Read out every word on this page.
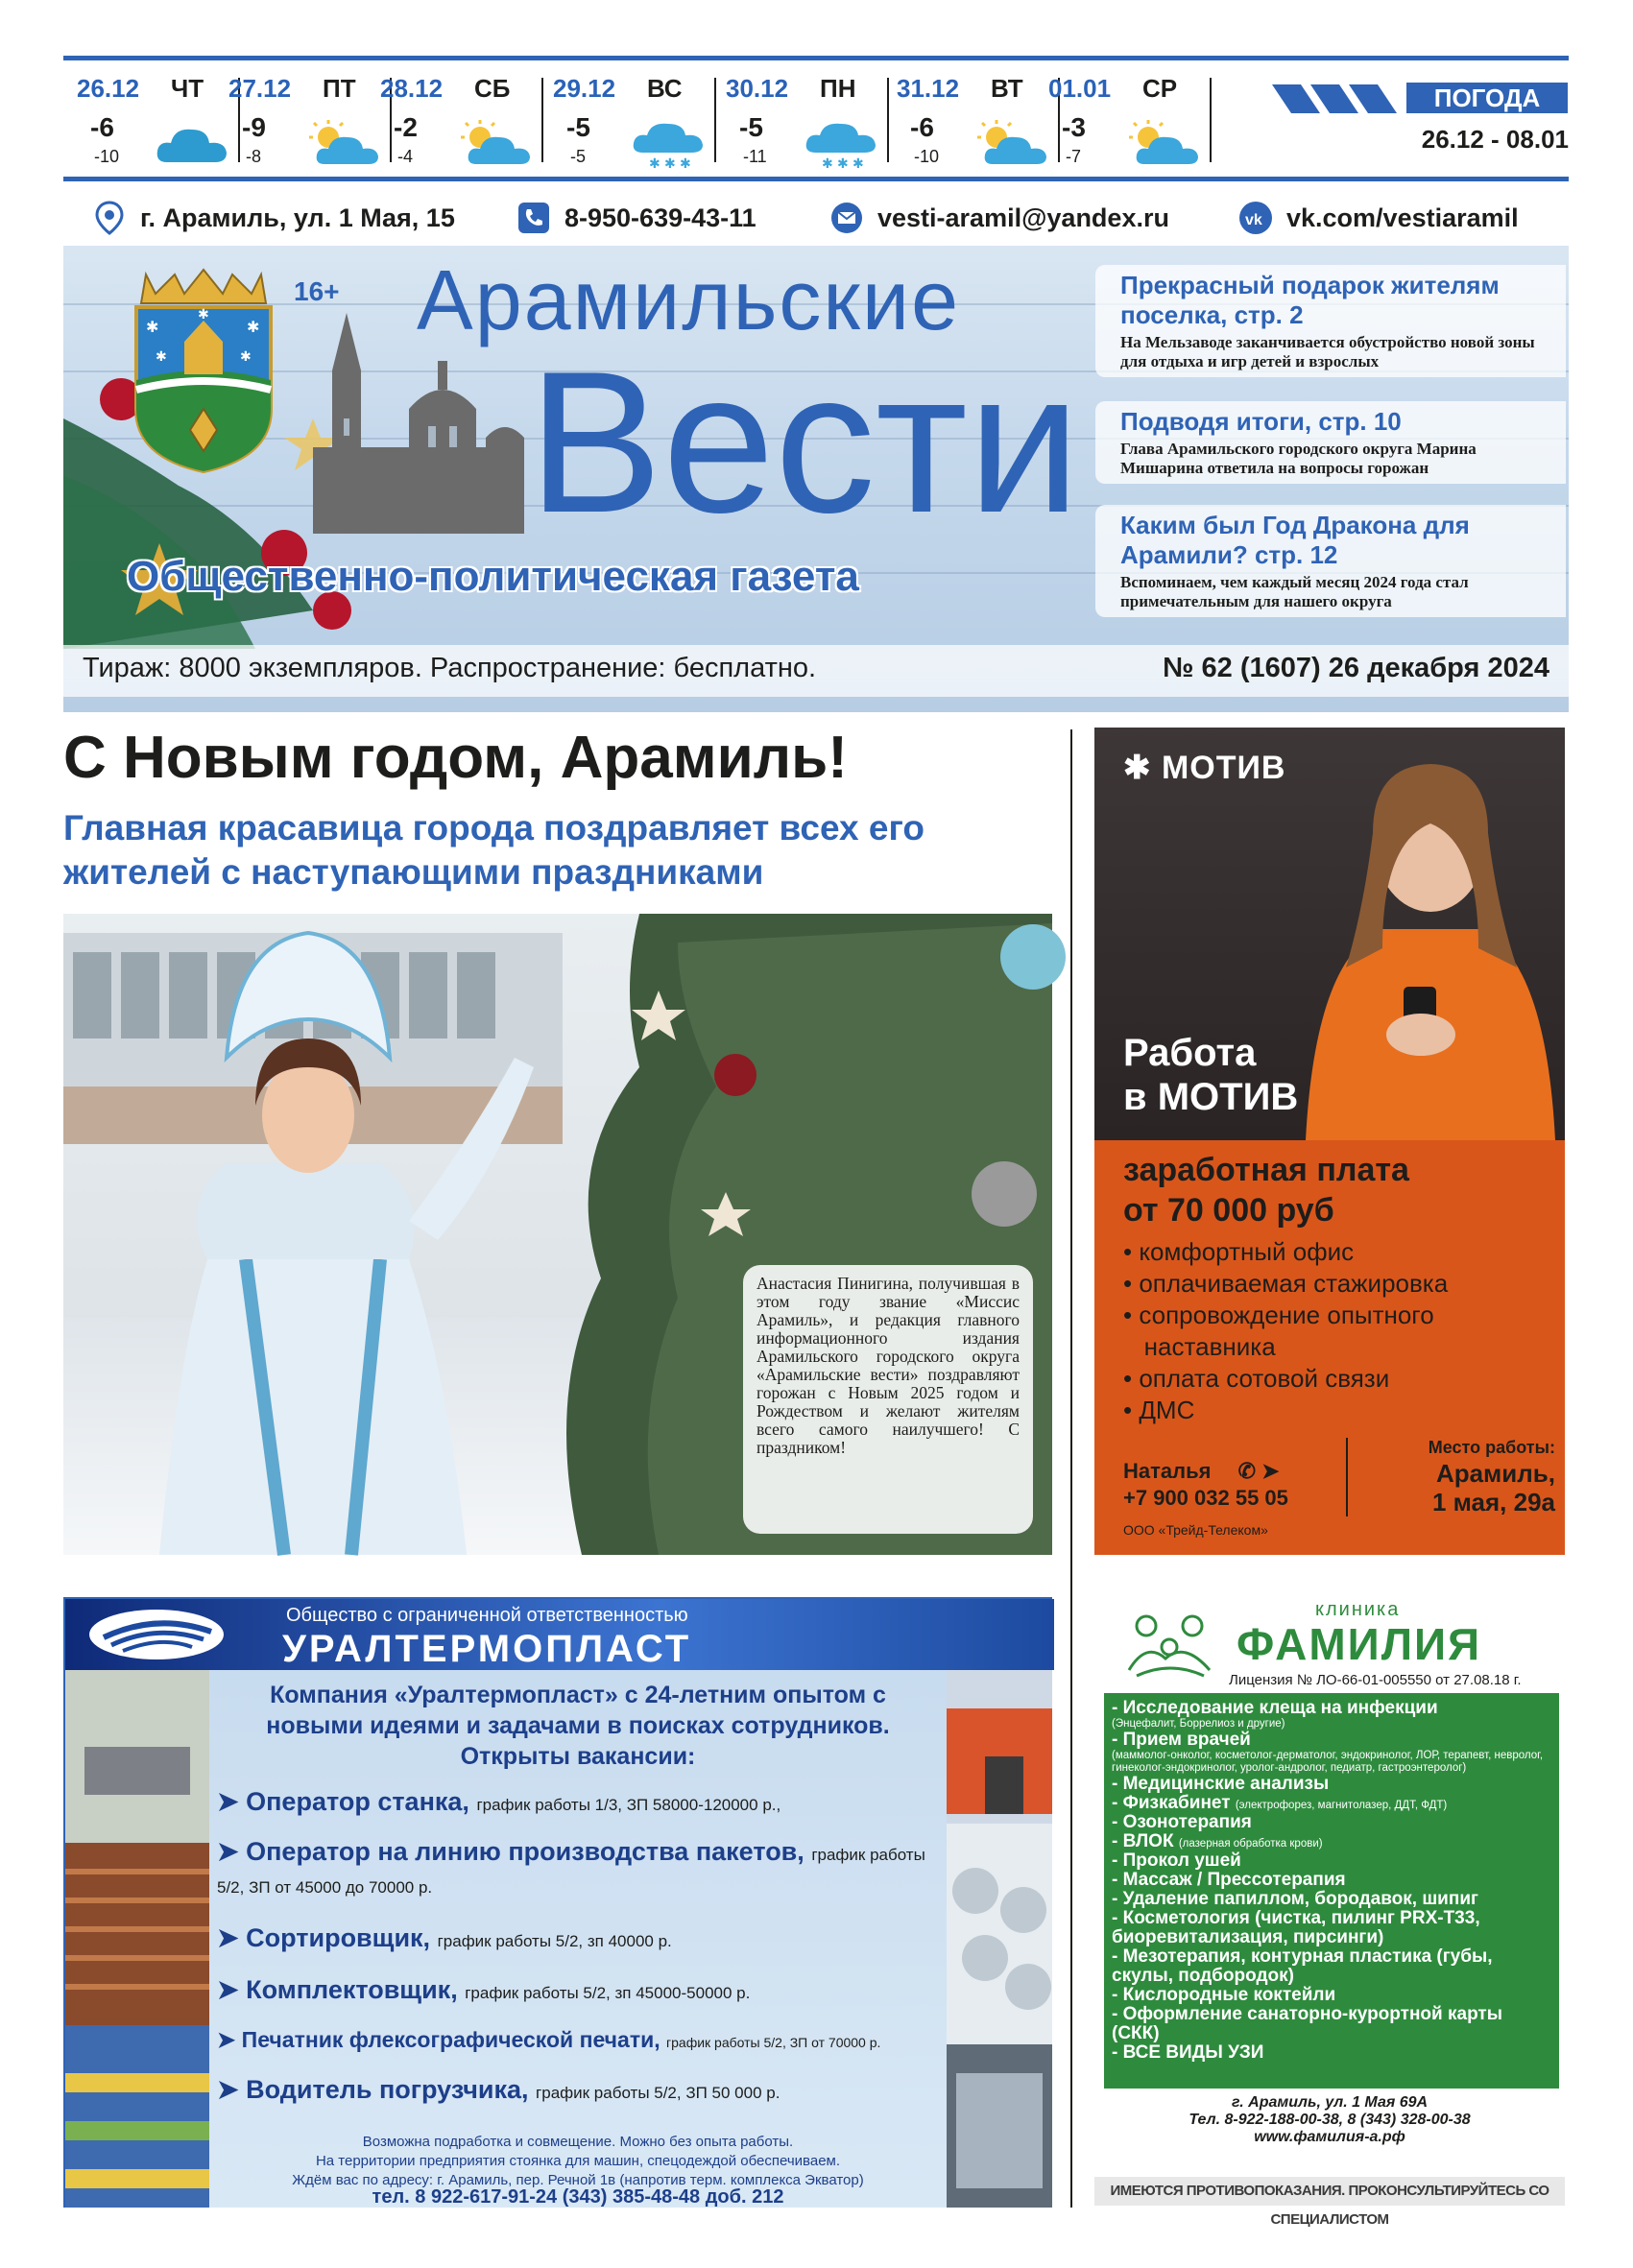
26.12 ЧТ
-6
-10
27.12 ПТ
-9
-8
28.12 СБ
-2
-4
29.12 ВС
-5
-5	✱ ✱ ✱
30.12 ПН
-5
-11	✱ ✱ ✱
31.12 ВТ
-6
-10
01.01 СР
-3
-7
ПОГОДА
26.12 - 08.01
г. Арамиль, ул. 1 Мая, 15	8-950-639-43-11	vesti-aramil@yandex.ru	vk vk.com/vestiaramil
✱	✱
✱	✱
✱
16+ Арамильские
Вести
Общественно-политическая газета
Прекрасный подарок жителям поселка, стр. 2
На Мельзаводе заканчивается обустройство новой зоны для отдыха и игр детей и взрослых
Подводя итоги, стр. 10
Глава Арамильского городского округа Марина Мишарина ответила на вопросы горожан
Каким был Год Дракона для Арамили? стр. 12
Вспоминаем, чем каждый месяц 2024 года стал примечательным для нашего округа
Тираж: 8000 экземпляров. Распространение: бесплатно.	№ 62 (1607) 26 декабря 2024
С Новым годом, Арамиль!
Главная красавица города поздравляет всех его жителей с наступающими праздниками
Анастасия Пинигина, получившая в этом году звание «Миссис Арамиль», и редакция главного информационного издания Арамильского городского округа «Арамильские вести» поздравляют горожан с Новым 2025 годом и Рождеством и желают жителям всего самого наилучшего! С праздником!
✱ МОТИВ
Работа
в МОТИВ
заработная плата
от 70 000 руб
• комфортный офис
• оплачиваемая стажировка
• сопровождение опытного
наставника
• оплата сотовой связи
• ДМС
Наталья ✆ ➤
+7 900 032 55 05
Место работы:
Арамиль,
1 мая, 29а
ООО «Трейд-Телеком»
Общество с ограниченной ответственностью
УРАЛТЕРМОПЛАСТ
Компания «Уралтермопласт» с 24-летним опытом с
новыми идеями и задачами в поисках сотрудников.
Открыты вакансии:
➤ Оператор станка, график работы 1/3, ЗП 58000-120000 р.,
➤ Оператор на линию производства пакетов, график работы 5/2, ЗП от 45000 до 70000 р.
➤ Сортировщик, график работы 5/2, зп 40000 р.
➤ Комплектовщик, график работы 5/2, зп 45000-50000 р.
➤ Печатник флексографической печати, график работы 5/2, ЗП от 70000 р.
➤ Водитель погрузчика, график работы 5/2, ЗП 50 000 р.
Возможна подработка и совмещение. Можно без опыта работы.
На территории предприятия стоянка для машин, спецодеждой обеспечиваем.
Ждём вас по адресу: г. Арамиль, пер. Речной 1в (напротив терм. комплекса Экватор)
тел. 8 922-617-91-24 (343) 385-48-48 доб. 212
клиника
ФАМИЛИЯ
Лицензия № ЛО-66-01-005550 от 27.08.18 г.
- Исследование клеща на инфекции
(Энцефалит, Боррелиоз и другие)
- Прием врачей
(маммолог-онколог, косметолог-дерматолог, эндокринолог, ЛОР, терапевт, невролог, гинеколог-эндокринолог, уролог-андролог, педиатр, гастроэнтеролог)
- Медицинские анализы
- Физкабинет (электрофорез, магнитолазер, ДДТ, ФДТ)
- Озонотерапия
- ВЛОК (лазерная обработка крови)
- Прокол ушей
- Массаж / Прессотерапия
- Удаление папиллом, бородавок, шипиг
- Косметология (чистка, пилинг PRX-T33, биоревитализация, пирсинги)
- Мезотерапия, контурная пластика (губы, скулы, подбородок)
- Кислородные коктейли
- Оформление санаторно-курортной карты (СКК)
- ВСЕ ВИДЫ УЗИ
г. Арамиль, ул. 1 Мая 69А
Тел. 8-922-188-00-38, 8 (343) 328-00-38
www.фамилия-а.рф
ИМЕЮТСЯ ПРОТИВОПОКАЗАНИЯ. ПРОКОНСУЛЬТИРУЙТЕСЬ СО СПЕЦИАЛИСТОМ
